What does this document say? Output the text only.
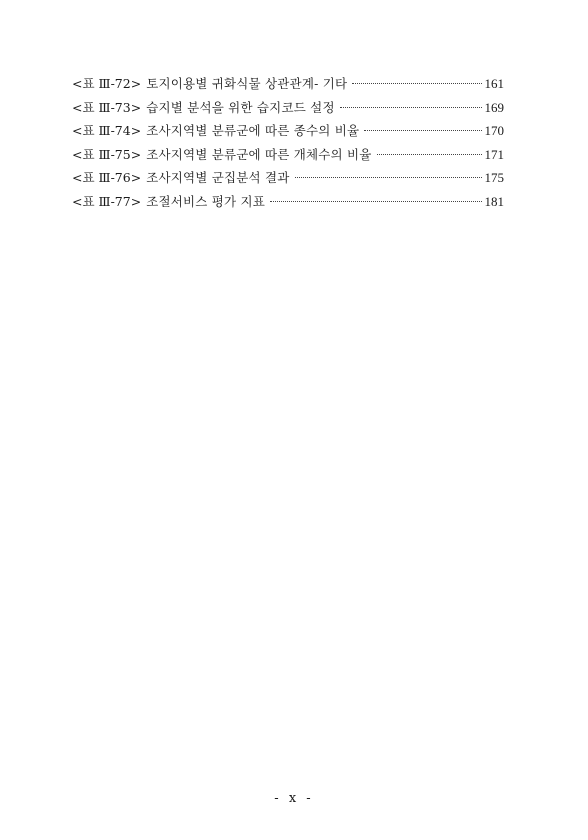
<표 Ⅲ-72> 토지이용별 귀화식물 상관관계- 기타	161
<표 Ⅲ-73> 습지별 분석을 위한 습지코드 설정	169
<표 Ⅲ-74> 조사지역별 분류군에 따른 종수의 비율	170
<표 Ⅲ-75> 조사지역별 분류군에 따른 개체수의 비율	171
<표 Ⅲ-76> 조사지역별 군집분석 결과	175
<표 Ⅲ-77> 조절서비스 평가 지표	181
- x -
